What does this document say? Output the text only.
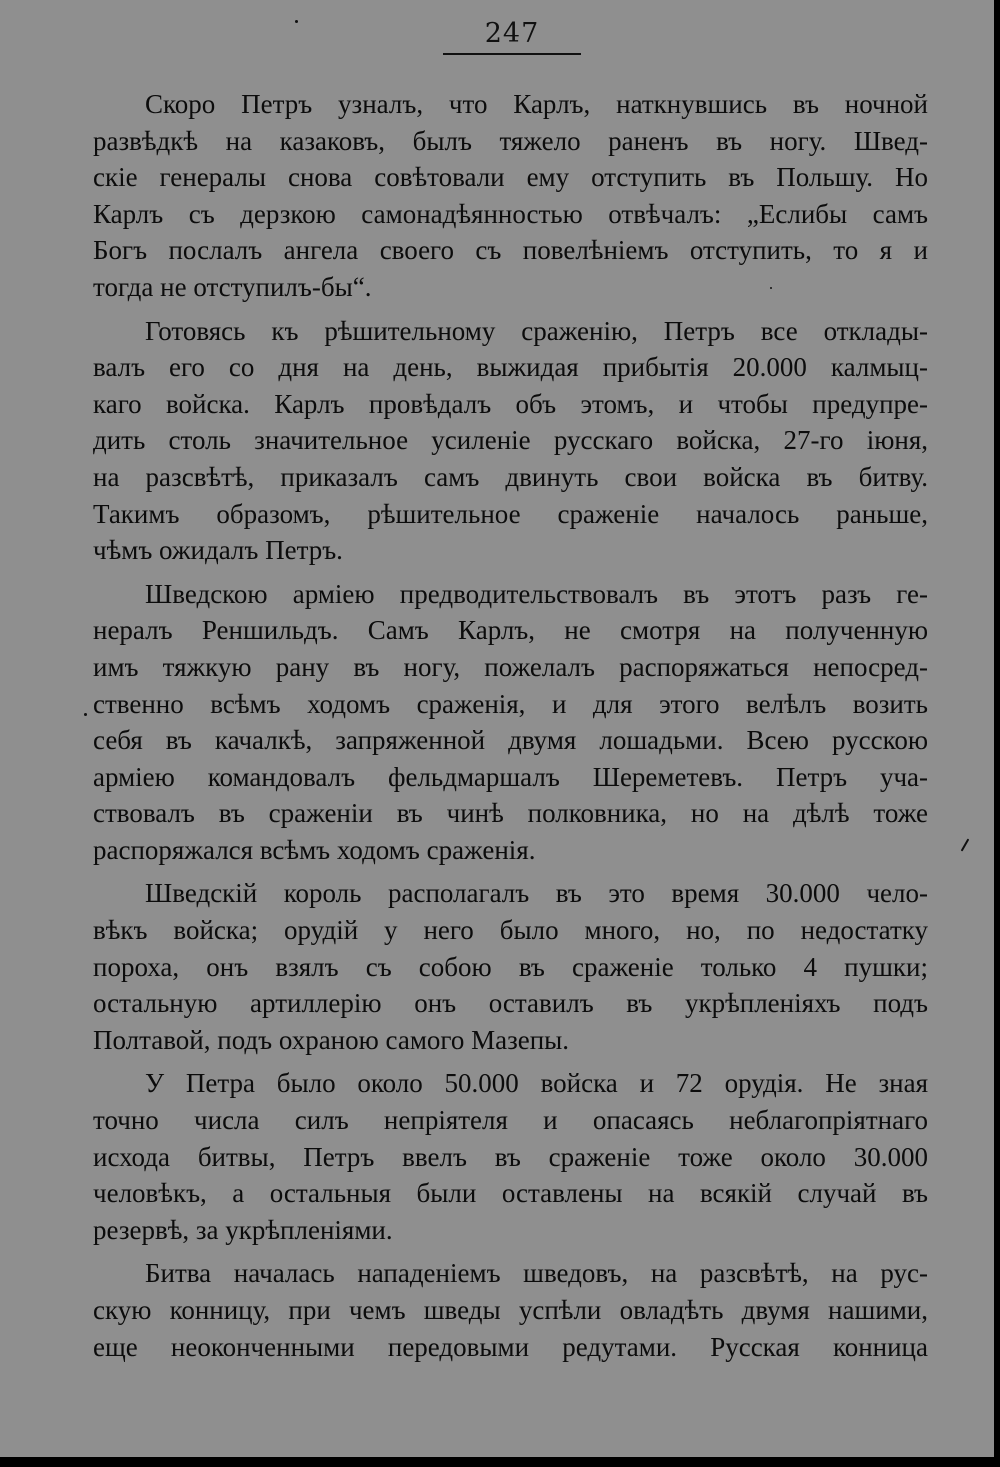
247
Скоро Петръ узналъ, что Карлъ, наткнувшись въ ночной
развѣдкѣ на казаковъ, былъ тяжело раненъ въ ногу. Швед-
скіе генералы снова совѣтовали ему отступить въ Польшу. Но
Карлъ съ дерзкою самонадѣянностью отвѣчалъ: „Еслибы самъ
Богъ послалъ ангела своего съ повелѣніемъ отступить, то я и
тогда не отступилъ-бы“.
Готовясь къ рѣшительному сраженію, Петръ все отклады-
валъ его со дня на день, выжидая прибытія 20.000 калмыц-
каго войска. Карлъ провѣдалъ объ этомъ, и чтобы предупре-
дить столь значительное усиленіе русскаго войска, 27-го іюня,
на разсвѣтѣ, приказалъ самъ двинуть свои войска въ битву.
Такимъ образомъ, рѣшительное сраженіе началось раньше,
чѣмъ ожидалъ Петръ.
Шведскою арміею предводительствовалъ въ этотъ разъ ге-
нералъ Реншильдъ. Самъ Карлъ, не смотря на полученную
имъ тяжкую рану въ ногу, пожелалъ распоряжаться непосред-
ственно всѣмъ ходомъ сраженія, и для этого велѣлъ возить
себя въ качалкѣ, запряженной двумя лошадьми. Всею русскою
арміею командовалъ фельдмаршалъ Шереметевъ. Петръ уча-
ствовалъ въ сраженіи въ чинѣ полковника, но на дѣлѣ тоже
распоряжался всѣмъ ходомъ сраженія.
Шведскій король располагалъ въ это время 30.000 чело-
вѣкъ войска; орудій у него было много, но, по недостатку
пороха, онъ взялъ съ собою въ сраженіе только 4 пушки;
остальную артиллерію онъ оставилъ въ укрѣпленіяхъ подъ
Полтавой, подъ охраною самого Мазепы.
У Петра было около 50.000 войска и 72 орудія. Не зная
точно числа силъ непріятеля и опасаясь неблагопріятнаго
исхода битвы, Петръ ввелъ въ сраженіе тоже около 30.000
человѣкъ, а остальныя были оставлены на всякій случай въ
резервѣ, за укрѣпленіями.
Битва началась нападеніемъ шведовъ, на разсвѣтѣ, на рус-
скую конницу, при чемъ шведы успѣли овладѣть двумя нашими,
еще неоконченными передовыми редутами. Русская конница
